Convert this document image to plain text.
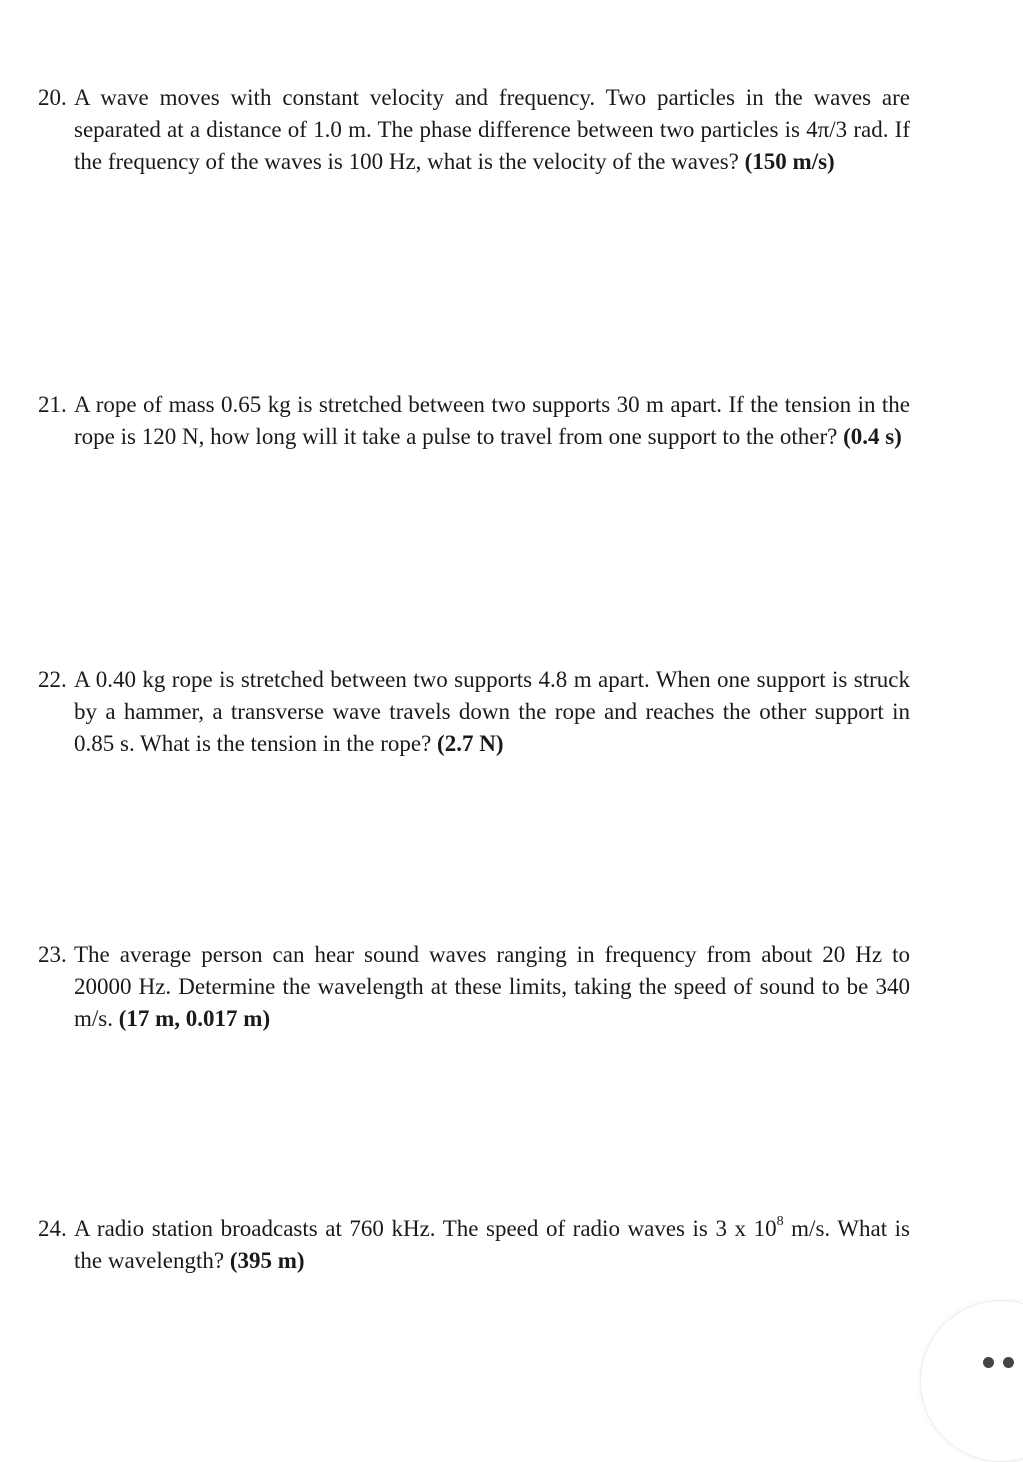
20. A wave moves with constant velocity and frequency. Two particles in the waves are separated at a distance of 1.0 m. The phase difference between two particles is 4π/3 rad. If the frequency of the waves is 100 Hz, what is the velocity of the waves? (150 m/s)
21. A rope of mass 0.65 kg is stretched between two supports 30 m apart. If the tension in the rope is 120 N, how long will it take a pulse to travel from one support to the other? (0.4 s)
22. A 0.40 kg rope is stretched between two supports 4.8 m apart. When one support is struck by a hammer, a transverse wave travels down the rope and reaches the other support in 0.85 s. What is the tension in the rope? (2.7 N)
23. The average person can hear sound waves ranging in frequency from about 20 Hz to 20000 Hz. Determine the wavelength at these limits, taking the speed of sound to be 340 m/s. (17 m, 0.017 m)
24. A radio station broadcasts at 760 kHz. The speed of radio waves is 3 x $10^8$ m/s. What is the wavelength? (395 m)
